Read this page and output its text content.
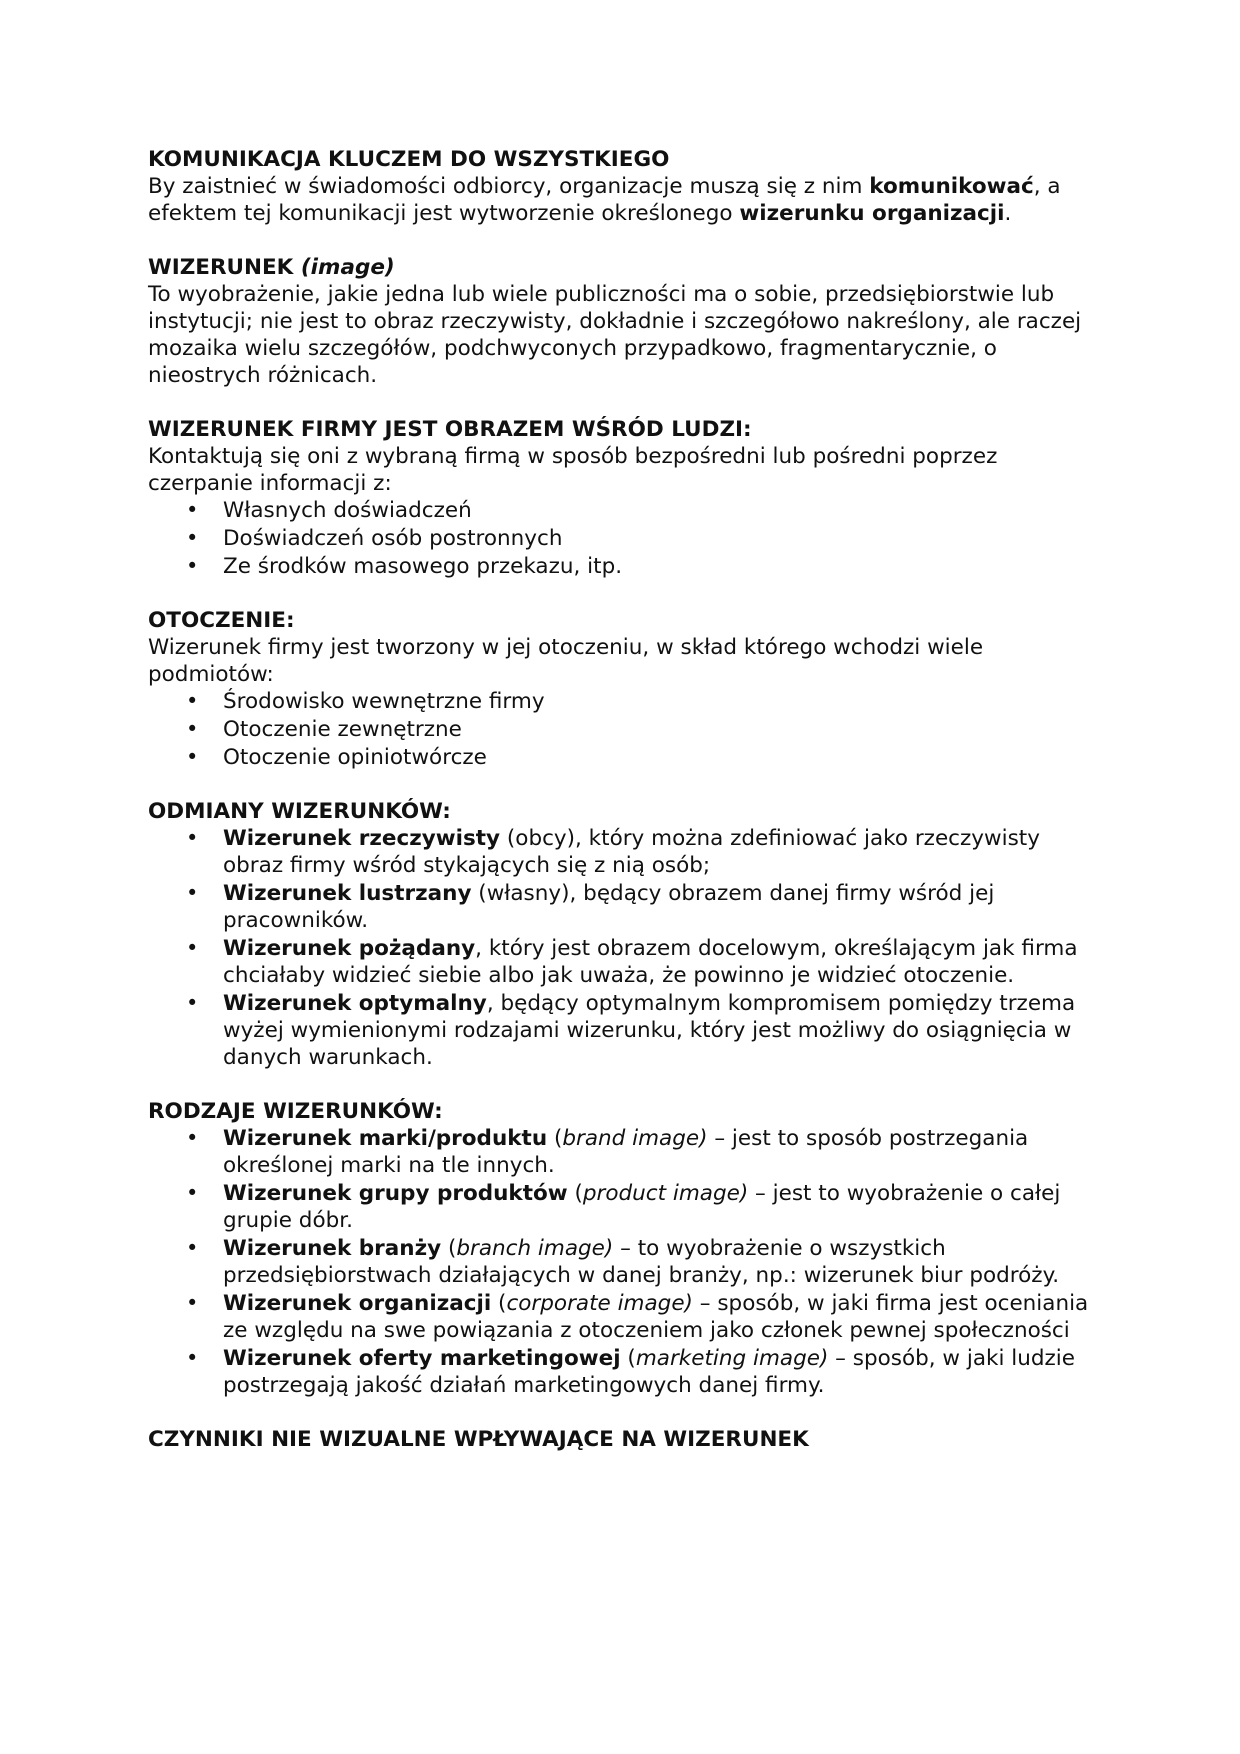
KOMUNIKACJA KLUCZEM DO WSZYSTKIEGO
By zaistnieć w świadomości odbiorcy, organizacje muszą się z nim komunikować, a efektem tej komunikacji jest wytworzenie określonego wizerunku organizacji.
WIZERUNEK (image)
To wyobrażenie, jakie jedna lub wiele publiczności ma o sobie, przedsiębiorstwie lub instytucji; nie jest to obraz rzeczywisty, dokładnie i szczegółowo nakreślony, ale raczej mozaika wielu szczegółów, podchwyconych przypadkowo, fragmentarycznie, o nieostrych różnicach.
WIZERUNEK FIRMY JEST OBRAZEM WŚRÓD LUDZI:
Kontaktują się oni z wybraną firmą w sposób bezpośredni lub pośredni poprzez czerpanie informacji z:
• Własnych doświadczeń
• Doświadczeń osób postronnych
• Ze środków masowego przekazu, itp.
OTOCZENIE:
Wizerunek firmy jest tworzony w jej otoczeniu, w skład którego wchodzi wiele podmiotów:
• Środowisko wewnętrzne firmy
• Otoczenie zewnętrzne
• Otoczenie opiniotwórcze
ODMIANY WIZERUNKÓW:
• Wizerunek rzeczywisty (obcy), który można zdefiniować jako rzeczywisty obraz firmy wśród stykających się z nią osób;
• Wizerunek lustrzany (własny), będący obrazem danej firmy wśród jej pracowników.
• Wizerunek pożądany, który jest obrazem docelowym, określającym jak firma chciałaby widzieć siebie albo jak uważa, że powinno je widzieć otoczenie.
• Wizerunek optymalny, będący optymalnym kompromisem pomiędzy trzema wyżej wymienionymi rodzajami wizerunku, który jest możliwy do osiągnięcia w danych warunkach.
RODZAJE WIZERUNKÓW:
• Wizerunek marki/produktu (brand image) – jest to sposób postrzegania określonej marki na tle innych.
• Wizerunek grupy produktów (product image) – jest to wyobrażenie o całej grupie dóbr.
• Wizerunek branży (branch image) – to wyobrażenie o wszystkich przedsiębiorstwach działających w danej branży, np.: wizerunek biur podróży.
• Wizerunek organizacji (corporate image) – sposób, w jaki firma jest oceniania ze względu na swe powiązania z otoczeniem jako członek pewnej społeczności
• Wizerunek oferty marketingowej (marketing image) – sposób, w jaki ludzie postrzegają jakość działań marketingowych danej firmy.
CZYNNIKI NIE WIZUALNE WPŁYWAJĄCE NA WIZERUNEK
